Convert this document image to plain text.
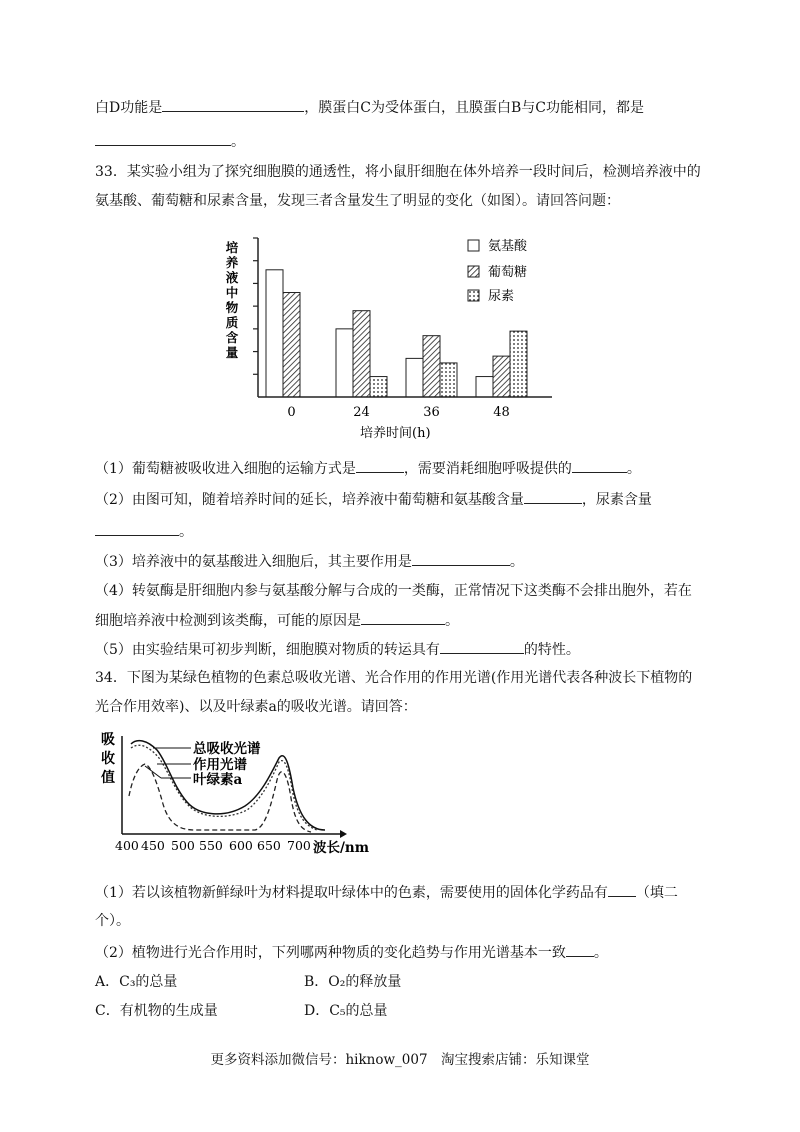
白D功能是	，膜蛋白C为受体蛋白，且膜蛋白B与C功能相同，都是
。
33．某实验小组为了探究细胞膜的通透性，将小鼠肝细胞在体外培养一段时间后，检测培养液中的
氨基酸、葡萄糖和尿素含量，发现三者含量发生了明显的变化（如图）。请回答问题：
培
养
液
中
物
质
含
量
0	24	36	48
培养时间(h)
氨基酸
葡萄糖
尿素
（1）葡萄糖被吸收进入细胞的运输方式是	，需要消耗细胞呼吸提供的	。
（2）由图可知，随着培养时间的延长，培养液中葡萄糖和氨基酸含量	，尿素含量
。
（3）培养液中的氨基酸进入细胞后，其主要作用是	。
（4）转氨酶是肝细胞内参与氨基酸分解与合成的一类酶，正常情况下这类酶不会排出胞外，若在
细胞培养液中检测到该类酶，可能的原因是	。
（5）由实验结果可初步判断，细胞膜对物质的转运具有	的特性。
34．下图为某绿色植物的色素总吸收光谱、光合作用的作用光谱(作用光谱代表各种波长下植物的
光合作用效率)、以及叶绿素a的吸收光谱。请回答：
吸
收
值
总吸收光谱
作用光谱
叶绿素a
400 450 500 550 600 650 700 波长/nm
（1）若以该植物新鲜绿叶为材料提取叶绿体中的色素，需要使用的固体化学药品有 （填二
个）。
（2）植物进行光合作用时，下列哪两种物质的变化趋势与作用光谱基本一致 。
A．C₃的总量	B．O₂的释放量
C．有机物的生成量	D．C₅的总量
更多资料添加微信号：hiknow_007　淘宝搜索店铺：乐知课堂
